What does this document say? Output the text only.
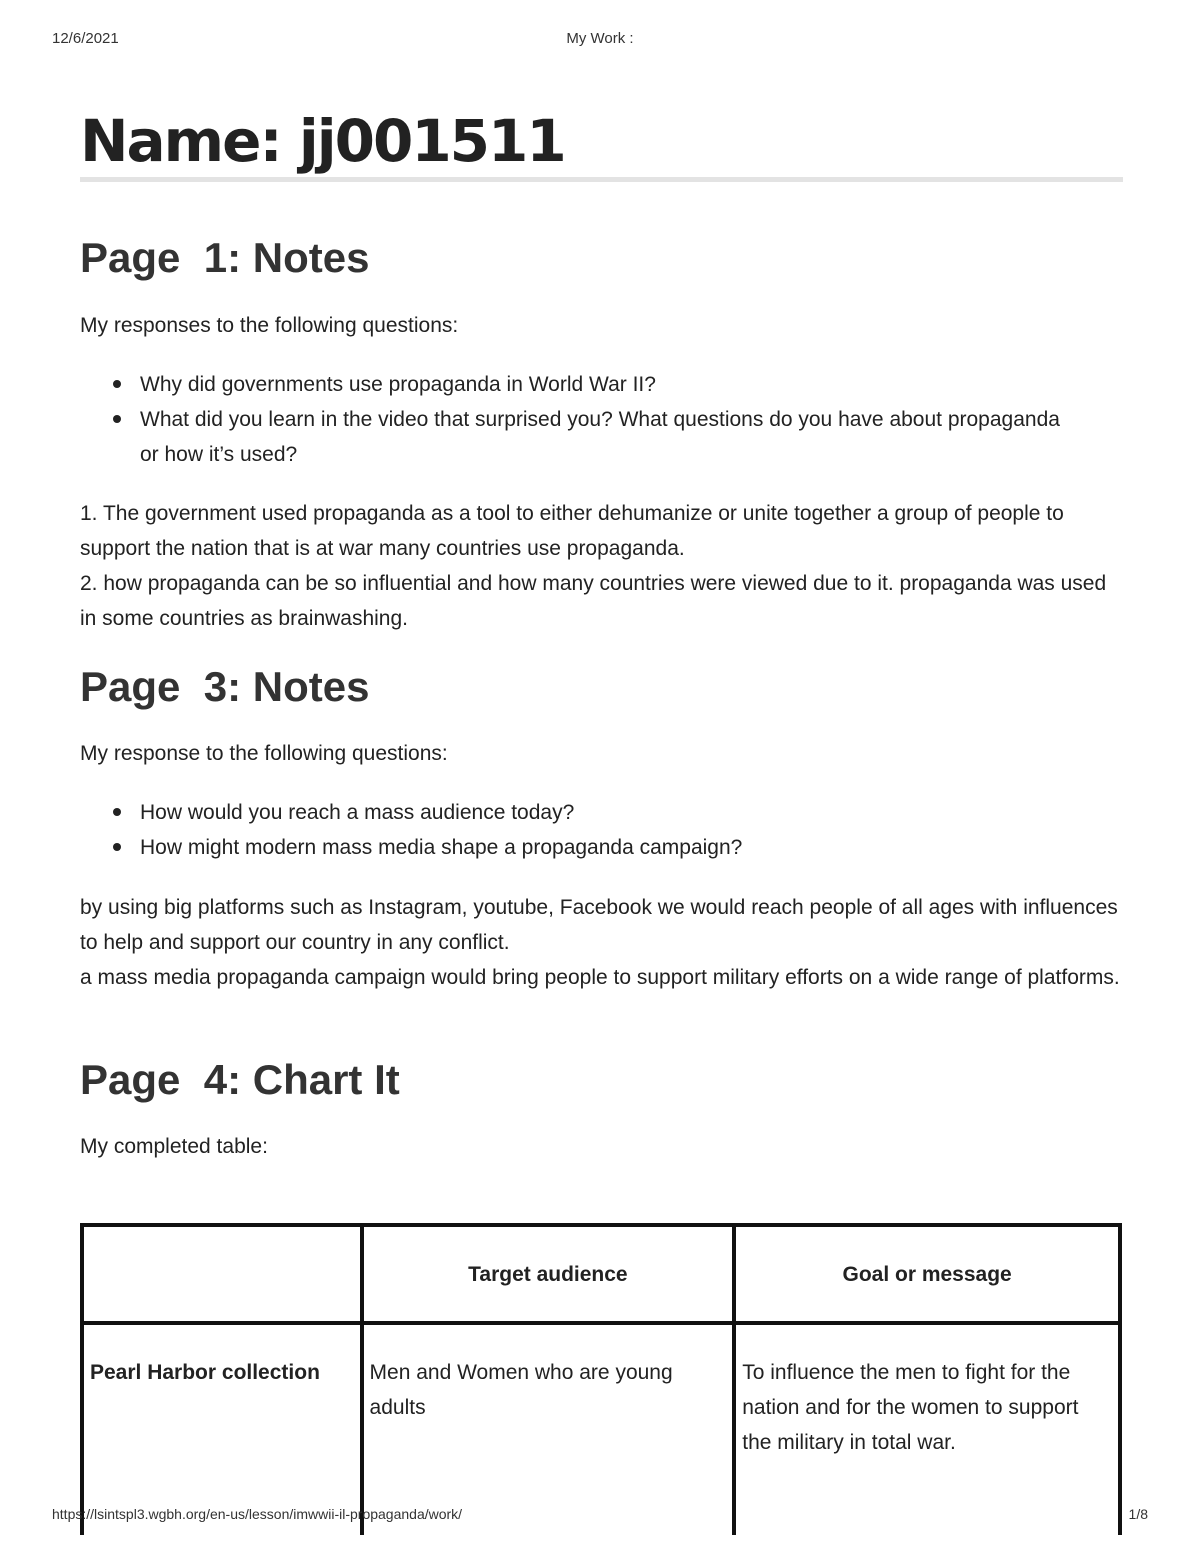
12/6/2021	My Work :
Name: jj001511
Page  1: Notes

My responses to the following questions:

Why did governments use propaganda in World War II?
What did you learn in the video that surprised you? What questions do you have about propaganda or how it’s used?
1. The government used propaganda as a tool to either dehumanize or unite together a group of people to support the nation that is at war many countries use propaganda.
2. how propaganda can be so influential and how many countries were viewed due to it. propaganda was used in some countries as brainwashing.
Page  3: Notes

My response to the following questions:

How would you reach a mass audience today?
How might modern mass media shape a propaganda campaign?
by using big platforms such as Instagram, youtube, Facebook we would reach people of all ages with influences to help and support our country in any conflict.
a mass media propaganda campaign would bring people to support military efforts on a wide range of platforms.
Page  4: Chart It

My completed table:

	Target audience	Goal or message
Pearl Harbor collection	Men and Women who are young adults	To influence the men to fight for the nation and for the women to support the military in total war.
https://lsintspl3.wgbh.org/en-us/lesson/imwwii-il-propaganda/work/	1/8
